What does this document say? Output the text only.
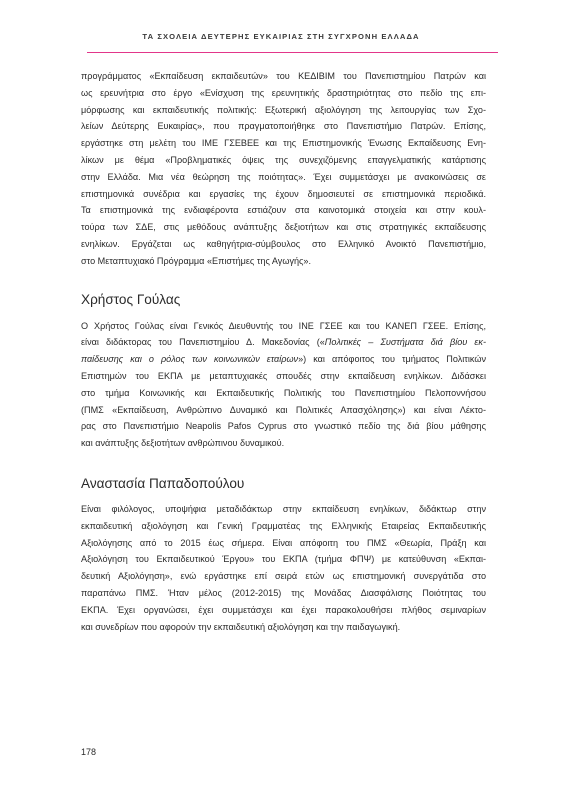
ΤΑ ΣΧΟΛΕΙΑ ΔΕΥΤΕΡΗΣ ΕΥΚΑΙΡΙΑΣ ΣΤΗ ΣΥΓΧΡΟΝΗ ΕΛΛΑΔΑ

προγράμματος «Εκπαίδευση εκπαιδευτών» του ΚΕΔΙΒΙΜ του Πανεπιστημίου Πατρών και
ως ερευνήτρια στο έργο «Ενίσχυση της ερευνητικής δραστηριότητας στο πεδίο της επι-
μόρφωσης και εκπαιδευτικής πολιτικής: Εξωτερική αξιολόγηση της λειτουργίας των Σχο-
λείων Δεύτερης Ευκαιρίας», που πραγματοποιήθηκε στο Πανεπιστήμιο Πατρών. Επίσης,
εργάστηκε στη μελέτη του ΙΜΕ ΓΣΕΒΕΕ και της Επιστημονικής Ένωσης Εκπαίδευσης Ενη-
λίκων με θέμα «Προβληματικές όψεις της συνεχιζόμενης επαγγελματικής κατάρτισης
στην Ελλάδα. Μια νέα θεώρηση της ποιότητας». Έχει συμμετάσχει με ανακοινώσεις σε
επιστημονικά συνέδρια και εργασίες της έχουν δημοσιευτεί σε επιστημονικά περιοδικά.
Τα επιστημονικά της ενδιαφέροντα εστιάζουν στα καινοτομικά στοιχεία και στην κουλ-
τούρα των ΣΔΕ, στις μεθόδους ανάπτυξης δεξιοτήτων και στις στρατηγικές εκπαίδευσης
ενηλίκων. Εργάζεται ως καθηγήτρια-σύμβουλος στο Ελληνικό Ανοικτό Πανεπιστήμιο,
στο Μεταπτυχιακό Πρόγραμμα «Επιστήμες της Αγωγής».

Χρήστος Γούλας

Ο Χρήστος Γούλας είναι Γενικός Διευθυντής του ΙΝΕ ΓΣΕΕ και του ΚΑΝΕΠ ΓΣΕΕ. Επίσης,
είναι διδάκτορας του Πανεπιστημίου Δ. Μακεδονίας («Πολιτικές – Συστήματα διά βίου εκ-
παίδευσης και ο ρόλος των κοινωνικών εταίρων») και απόφοιτος του τμήματος Πολιτικών
Επιστημών του ΕΚΠΑ με μεταπτυχιακές σπουδές στην εκπαίδευση ενηλίκων. Διδάσκει
στο τμήμα Κοινωνικής και Εκπαιδευτικής Πολιτικής του Πανεπιστημίου Πελοποννήσου
(ΠΜΣ «Εκπαίδευση, Ανθρώπινο Δυναμικό και Πολιτικές Απασχόλησης») και είναι Λέκτο-
ρας στο Πανεπιστήμιο Neapolis Pafos Cyprus στο γνωστικό πεδίο της διά βίου μάθησης
και ανάπτυξης δεξιοτήτων ανθρώπινου δυναμικού.

Αναστασία Παπαδοπούλου

Είναι φιλόλογος, υποψήφια μεταδιδάκτωρ στην εκπαίδευση ενηλίκων, διδάκτωρ στην
εκπαιδευτική αξιολόγηση και Γενική Γραμματέας της Ελληνικής Εταιρείας Εκπαιδευτικής
Αξιολόγησης από το 2015 έως σήμερα. Είναι απόφοιτη του ΠΜΣ «Θεωρία, Πράξη και
Αξιολόγηση του Εκπαιδευτικού Έργου» του ΕΚΠΑ (τμήμα ΦΠΨ) με κατεύθυνση «Εκπαι-
δευτική Αξιολόγηση», ενώ εργάστηκε επί σειρά ετών ως επιστημονική συνεργάτιδα στο
παραπάνω ΠΜΣ. Ήταν μέλος (2012-2015) της Μονάδας Διασφάλισης Ποιότητας του
ΕΚΠΑ. Έχει οργανώσει, έχει συμμετάσχει και έχει παρακολουθήσει πλήθος σεμιναρίων
και συνεδρίων που αφορούν την εκπαιδευτική αξιολόγηση και την παιδαγωγική.

178
